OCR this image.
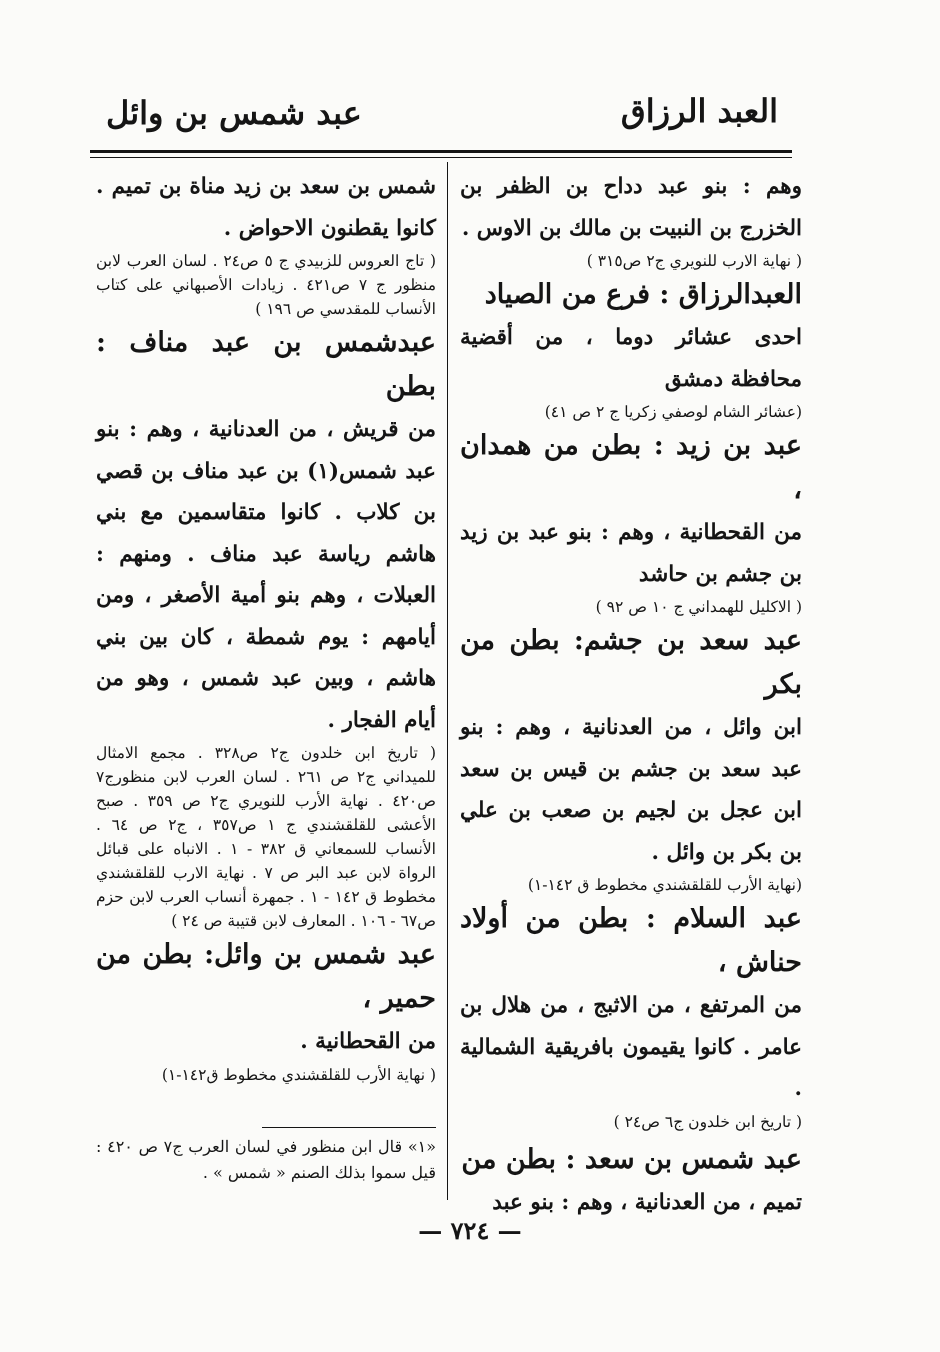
العبد الرزاق
عبد شمس بن وائل

وهم : بنو عبد دداح بن الظفر بن الخزرج بن النبيت بن مالك بن الاوس .

( نهاية الارب للنويري ج٢ ص٣١٥ )

العبدالرزاق : فرع من الصياد

احدى عشائر دوما ، من أقضية محافظة دمشق

(عشائر الشام لوصفي زكريا ج ٢ ص ٤١)

عبد بن زيد : بطن من همدان ،

من القحطانية ، وهم : بنو عبد بن زيد بن جشم بن حاشد

( الاكليل للهمداني ج ١٠ ص ٩٢ )

عبد سعد بن جشم: بطن من بكر

ابن وائل ، من العدنانية ، وهم : بنو عبد سعد بن جشم بن قيس بن سعد ابن عجل بن لجيم بن صعب بن علي بن بكر بن وائل .

(نهاية الأرب للقلقشندي مخطوط ق ١٤٢-١)

عبد السلام : بطن من أولاد حناش ،

من المرتفع ، من الاثبج ، من هلال بن عامر . كانوا يقيمون بافريقية الشمالية .

( تاريخ ابن خلدون ج٦ ص٢٤ )

عبد شمس بن سعد : بطن من

تميم ، من العدنانية ، وهم : بنو عبد

شمس بن سعد بن زيد مناة بن تميم . كانوا يقطنون الاحواض .

( تاج العروس للزبيدي ج ٥ ص٢٤ . لسان العرب لابن منظور ج ٧ ص٤٢١ . زيادات الأصبهاني على كتاب الأنساب للمقدسي ص ١٩٦ )

عبدشمس بن عبد مناف : بطن

من قريش ، من العدنانية ، وهم : بنو عبد شمس(١) بن عبد مناف بن قصي بن كلاب . كانوا متقاسمين مع بني هاشم رياسة عبد مناف . ومنهم : العبلات ، وهم بنو أمية الأصغر ، ومن أيامهم : يوم شمطة ، كان بين بني هاشم ، وبين عبد شمس ، وهو من أيام الفجار .

( تاريخ ابن خلدون ج٢ ص٣٢٨ . مجمع الامثال للميداني ج٢ ص ٢٦١ . لسان العرب لابن منظورج٧ ص٤٢٠ . نهاية الأرب للنويري ج٢ ص ٣٥٩ . صبح الأعشى للقلقشندي ج ١ ص٣٥٧ ، ج٢ ص ٦٤ . الأنساب للسمعاني ق ٣٨٢ - ١ . الانباه على قبائل الرواة لابن عبد البر ص ٧ . نهاية الارب للقلقشندي مخطوط ق ١٤٢ - ١ . جمهرة أنساب العرب لابن حزم ص٦٧ - ١٠٦ . المعارف لابن قتيبة ص ٢٤ )

عبد شمس بن وائل: بطن من حمير ،

من القحطانية .

( نهاية الأرب للقلقشندي مخطوط ق١٤٢-١)

«١» قال ابن منظور في لسان العرب ج٧ ص ٤٢٠ : قيل سموا بذلك الصنم « شمس » .
— ٧٢٤ —
